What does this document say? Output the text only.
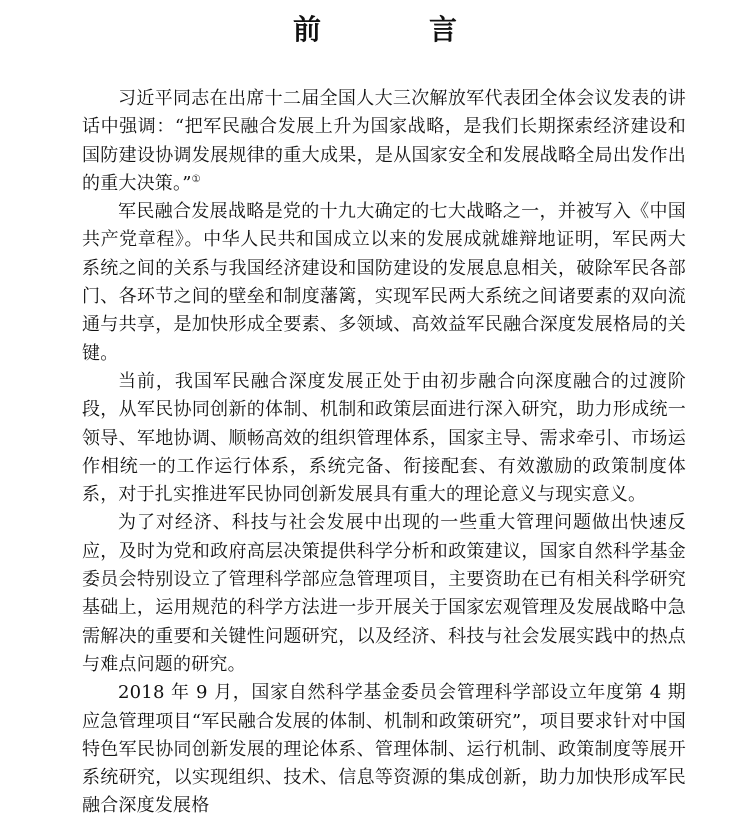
前　言

习近平同志在出席十二届全国人大三次解放军代表团全体会议发表的讲话中强调：“把军民融合发展上升为国家战略，是我们长期探索经济建设和国防建设协调发展规律的重大成果，是从国家安全和发展战略全局出发作出的重大决策。”①

军民融合发展战略是党的十九大确定的七大战略之一，并被写入《中国共产党章程》。中华人民共和国成立以来的发展成就雄辩地证明，军民两大系统之间的关系与我国经济建设和国防建设的发展息息相关，破除军民各部门、各环节之间的壁垒和制度藩篱，实现军民两大系统之间诸要素的双向流通与共享，是加快形成全要素、多领域、高效益军民融合深度发展格局的关键。

当前，我国军民融合深度发展正处于由初步融合向深度融合的过渡阶段，从军民协同创新的体制、机制和政策层面进行深入研究，助力形成统一领导、军地协调、顺畅高效的组织管理体系，国家主导、需求牵引、市场运作相统一的工作运行体系，系统完备、衔接配套、有效激励的政策制度体系，对于扎实推进军民协同创新发展具有重大的理论意义与现实意义。

为了对经济、科技与社会发展中出现的一些重大管理问题做出快速反应，及时为党和政府高层决策提供科学分析和政策建议，国家自然科学基金委员会特别设立了管理科学部应急管理项目，主要资助在已有相关科学研究基础上，运用规范的科学方法进一步开展关于国家宏观管理及发展战略中急需解决的重要和关键性问题研究，以及经济、科技与社会发展实践中的热点与难点问题的研究。

2018 年 9 月，国家自然科学基金委员会管理科学部设立年度第 4 期应急管理项目“军民融合发展的体制、机制和政策研究”，项目要求针对中国特色军民协同创新发展的理论体系、管理体制、运行机制、政策制度等展开系统研究，以实现组织、技术、信息等资源的集成创新，助力加快形成军民融合深度发展格
